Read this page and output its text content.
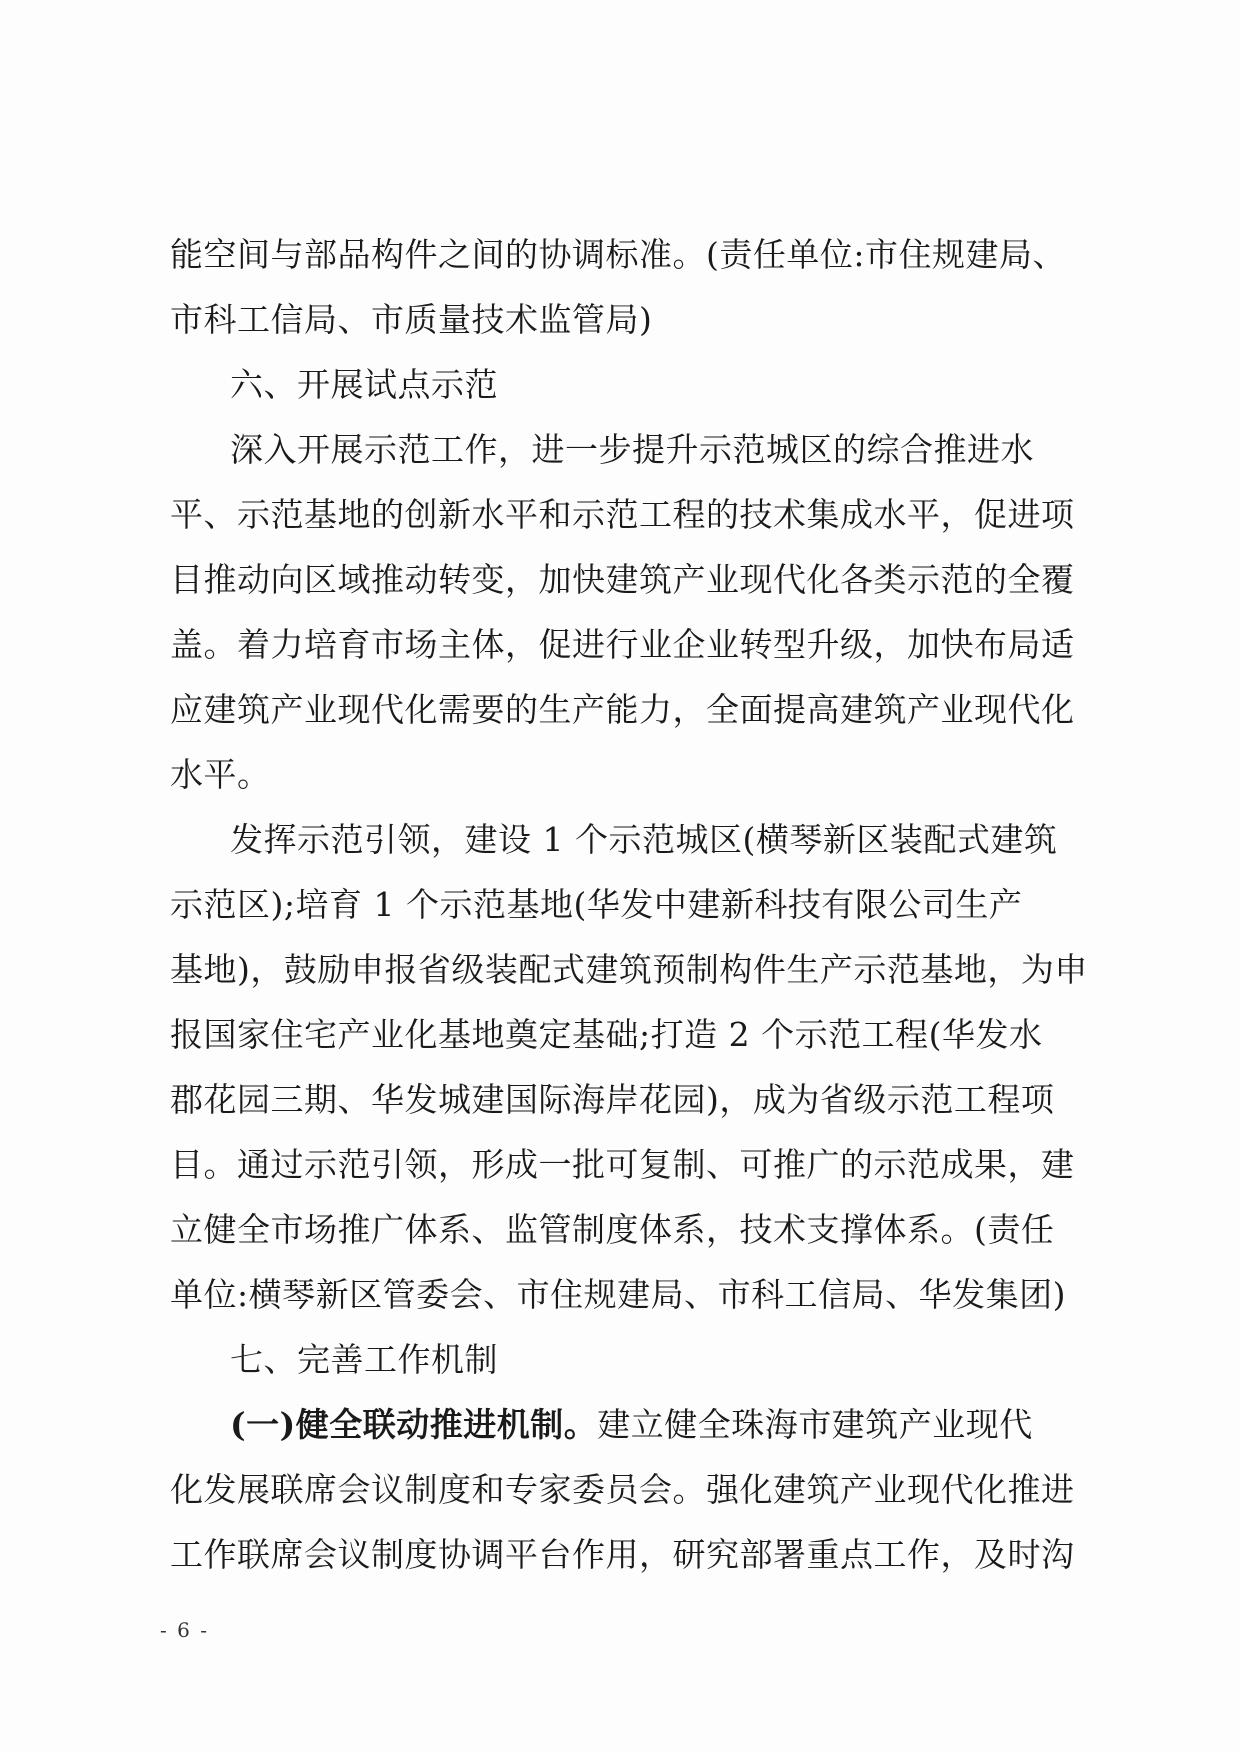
能空间与部品构件之间的协调标准。(责任单位:市住规建局、
市科工信局、市质量技术监管局)
六、开展试点示范
深入开展示范工作，进一步提升示范城区的综合推进水
平、示范基地的创新水平和示范工程的技术集成水平，促进项
目推动向区域推动转变，加快建筑产业现代化各类示范的全覆
盖。着力培育市场主体，促进行业企业转型升级，加快布局适
应建筑产业现代化需要的生产能力，全面提高建筑产业现代化
水平。
发挥示范引领，建设 1 个示范城区(横琴新区装配式建筑
示范区);培育 1 个示范基地(华发中建新科技有限公司生产
基地)，鼓励申报省级装配式建筑预制构件生产示范基地，为申
报国家住宅产业化基地奠定基础;打造 2 个示范工程(华发水
郡花园三期、华发城建国际海岸花园)，成为省级示范工程项
目。通过示范引领，形成一批可复制、可推广的示范成果，建
立健全市场推广体系、监管制度体系，技术支撑体系。(责任
单位:横琴新区管委会、市住规建局、市科工信局、华发集团)
七、完善工作机制
(一)健全联动推进机制。建立健全珠海市建筑产业现代
化发展联席会议制度和专家委员会。强化建筑产业现代化推进
工作联席会议制度协调平台作用，研究部署重点工作，及时沟
- 6 -
